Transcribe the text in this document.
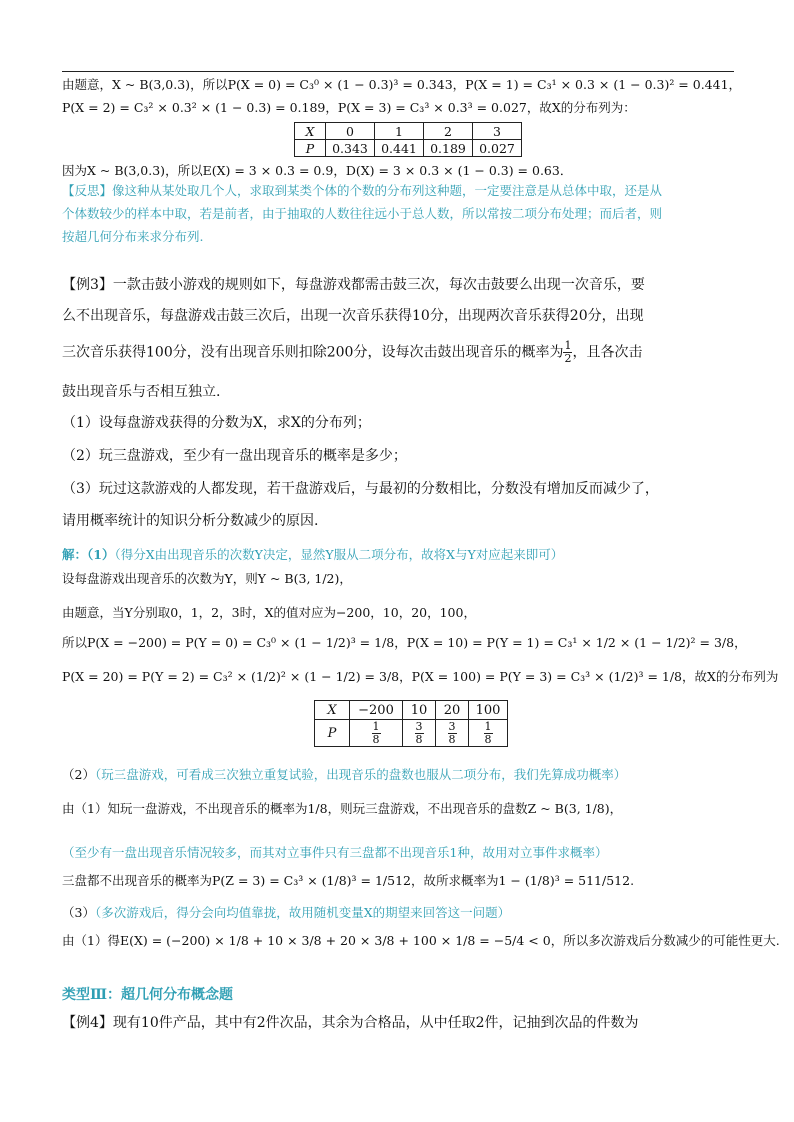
由题意，X ~ B(3,0.3)，所以P(X = 0) = C₃⁰ × (1 − 0.3)³ = 0.343，P(X = 1) = C₃¹ × 0.3 × (1 − 0.3)² = 0.441，
P(X = 2) = C₃² × 0.3² × (1 − 0.3) = 0.189，P(X = 3) = C₃³ × 0.3³ = 0.027，故X的分布列为：
X	0	1	2	3
P	0.343	0.441	0.189	0.027
因为X ~ B(3,0.3)，所以E(X) = 3 × 0.3 = 0.9，D(X) = 3 × 0.3 × (1 − 0.3) = 0.63．
【反思】像这种从某处取几个人，求取到某类个体的个数的分布列这种题，一定要注意是从总体中取，还是从
个体数较少的样本中取，若是前者，由于抽取的人数往往远小于总人数，所以常按二项分布处理；而后者，则
按超几何分布来求分布列.
【例3】一款击鼓小游戏的规则如下，每盘游戏都需击鼓三次，每次击鼓要么出现一次音乐，要
么不出现音乐，每盘游戏击鼓三次后，出现一次音乐获得10分，出现两次音乐获得20分，出现
三次音乐获得100分，没有出现音乐则扣除200分，设每次击鼓出现音乐的概率为 $\frac{1}{2}$ ，且各次击
鼓出现音乐与否相互独立.
（1）设每盘游戏获得的分数为X，求X的分布列；
（2）玩三盘游戏，至少有一盘出现音乐的概率是多少；
（3）玩过这款游戏的人都发现，若干盘游戏后，与最初的分数相比，分数没有增加反而减少了，
请用概率统计的知识分析分数减少的原因.
解：（1）（得分X由出现音乐的次数Y决定，显然Y服从二项分布，故将X与Y对应起来即可）
设每盘游戏出现音乐的次数为Y，则Y ~ B(3, 1/2)，
由题意，当Y分别取0，1，2，3时，X的值对应为−200，10，20，100，
所以P(X = −200) = P(Y = 0) = C₃⁰ × (1 − 1/2)³ = 1/8，P(X = 10) = P(Y = 1) = C₃¹ × 1/2 × (1 − 1/2)² = 3/8，
P(X = 20) = P(Y = 2) = C₃² × (1/2)² × (1 − 1/2) = 3/8，P(X = 100) = P(Y = 3) = C₃³ × (1/2)³ = 1/8，故X的分布列为
X	−200	10	20	100
P	$\frac{1}{8}$	$\frac{3}{8}$	$\frac{3}{8}$	$\frac{1}{8}$
（2）（玩三盘游戏，可看成三次独立重复试验，出现音乐的盘数也服从二项分布，我们先算成功概率）
由（1）知玩一盘游戏，不出现音乐的概率为1/8，则玩三盘游戏，不出现音乐的盘数Z ~ B(3, 1/8)，
（至少有一盘出现音乐情况较多，而其对立事件只有三盘都不出现音乐1种，故用对立事件求概率）
三盘都不出现音乐的概率为P(Z = 3) = C₃³ × (1/8)³ = 1/512，故所求概率为1 − (1/8)³ = 511/512.
（3）（多次游戏后，得分会向均值靠拢，故用随机变量X的期望来回答这一问题）
由（1）得E(X) = (−200) × 1/8 + 10 × 3/8 + 20 × 3/8 + 100 × 1/8 = −5/4 < 0，所以多次游戏后分数减少的可能性更大.
类型Ⅲ：超几何分布概念题
【例4】现有10件产品，其中有2件次品，其余为合格品，从中任取2件，记抽到次品的件数为
